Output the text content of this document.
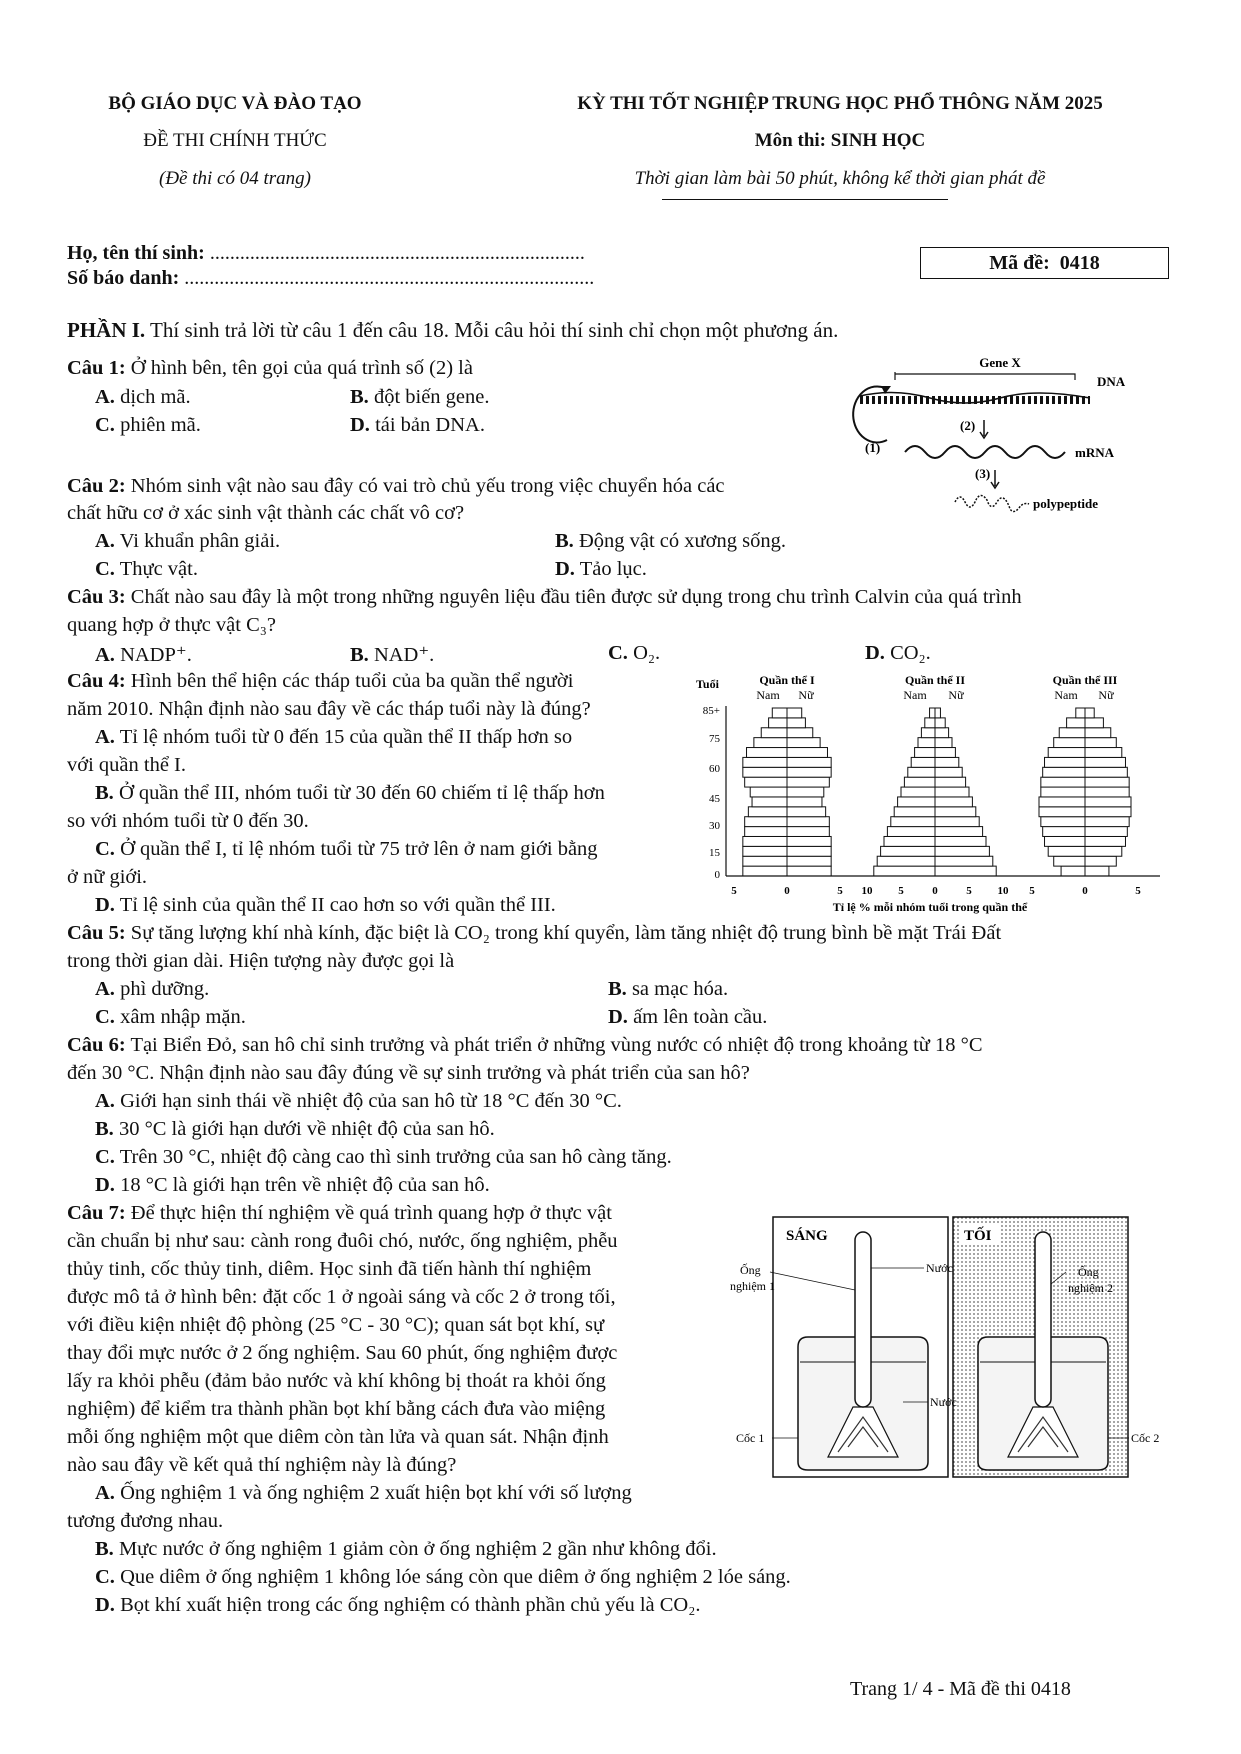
BỘ GIÁO DỤC VÀ ĐÀO TẠO
ĐỀ THI CHÍNH THỨC
(Đề thi có 04 trang)
KỲ THI TỐT NGHIỆP TRUNG HỌC PHỔ THÔNG NĂM 2025
Môn thi: SINH HỌC
Thời gian làm bài 50 phút, không kể thời gian phát đề
Họ, tên thí sinh: ...........................................................................
Số báo danh: ..................................................................................
Mã đề: 0418
PHẦN I. Thí sinh trả lời từ câu 1 đến câu 18. Mỗi câu hỏi thí sinh chỉ chọn một phương án.
Câu 1: Ở hình bên, tên gọi của quá trình số (2) là
A. dịch mã.	B. đột biến gene.
C. phiên mã.	D. tái bản DNA.
Gene X
DNA
(1)
(2)
mRNA
(3)
polypeptide
Câu 2: Nhóm sinh vật nào sau đây có vai trò chủ yếu trong việc chuyển hóa các
chất hữu cơ ở xác sinh vật thành các chất vô cơ?
A. Vi khuẩn phân giải.	B. Động vật có xương sống.
C. Thực vật.	D. Tảo lục.
Câu 3: Chất nào sau đây là một trong những nguyên liệu đầu tiên được sử dụng trong chu trình Calvin của quá trình
quang hợp ở thực vật C₃?
A. NADP⁺.	B. NAD⁺.	C. O₂.	D. CO₂.
Câu 4: Hình bên thể hiện các tháp tuổi của ba quần thể người
năm 2010. Nhận định nào sau đây về các tháp tuổi này là đúng?
A. Tỉ lệ nhóm tuổi từ 0 đến 15 của quần thể II thấp hơn so
với quần thể I.
B. Ở quần thể III, nhóm tuổi từ 30 đến 60 chiếm tỉ lệ thấp hơn
so với nhóm tuổi từ 0 đến 30.
C. Ở quần thể I, tỉ lệ nhóm tuổi từ 75 trở lên ở nam giới bằng
ở nữ giới.
D. Tỉ lệ sinh của quần thể II cao hơn so với quần thể III.
Tuổi	Quần thể I	Quần thể II	Quần thể III
Nam Nữ	Nam Nữ	Nam Nữ
85+
75
60
45
30
15
0
5	0	5 10 5	0	5 10 5	0	5
Tỉ lệ % mỗi nhóm tuổi trong quần thể
Câu 5: Sự tăng lượng khí nhà kính, đặc biệt là CO₂ trong khí quyển, làm tăng nhiệt độ trung bình bề mặt Trái Đất
trong thời gian dài. Hiện tượng này được gọi là
A. phì dưỡng.	B. sa mạc hóa.
C. xâm nhập mặn.	D. ấm lên toàn cầu.
Câu 6: Tại Biển Đỏ, san hô chỉ sinh trưởng và phát triển ở những vùng nước có nhiệt độ trong khoảng từ 18 °C
đến 30 °C. Nhận định nào sau đây đúng về sự sinh trưởng và phát triển của san hô?
A. Giới hạn sinh thái về nhiệt độ của san hô từ 18 °C đến 30 °C.
B. 30 °C là giới hạn dưới về nhiệt độ của san hô.
C. Trên 30 °C, nhiệt độ càng cao thì sinh trưởng của san hô càng tăng.
D. 18 °C là giới hạn trên về nhiệt độ của san hô.
Câu 7: Để thực hiện thí nghiệm về quá trình quang hợp ở thực vật
cần chuẩn bị như sau: cành rong đuôi chó, nước, ống nghiệm, phễu
thủy tinh, cốc thủy tinh, diêm. Học sinh đã tiến hành thí nghiệm
được mô tả ở hình bên: đặt cốc 1 ở ngoài sáng và cốc 2 ở trong tối,
với điều kiện nhiệt độ phòng (25 °C - 30 °C); quan sát bọt khí, sự
thay đổi mực nước ở 2 ống nghiệm. Sau 60 phút, ống nghiệm được
lấy ra khỏi phễu (đảm bảo nước và khí không bị thoát ra khỏi ống
nghiệm) để kiểm tra thành phần bọt khí bằng cách đưa vào miệng
mỗi ống nghiệm một que diêm còn tàn lửa và quan sát. Nhận định
nào sau đây về kết quả thí nghiệm này là đúng?
A. Ống nghiệm 1 và ống nghiệm 2 xuất hiện bọt khí với số lượng
tương đương nhau.
B. Mực nước ở ống nghiệm 1 giảm còn ở ống nghiệm 2 gần như không đổi.
C. Que diêm ở ống nghiệm 1 không lóe sáng còn que diêm ở ống nghiệm 2 lóe sáng.
D. Bọt khí xuất hiện trong các ống nghiệm có thành phần chủ yếu là CO₂.
SÁNG	TỐI
Ống
nghiệm 1
Nước	Ống
nghiệm 2
Nước
Cốc 1	Cốc 2
Trang 1/ 4 - Mã đề thi 0418
